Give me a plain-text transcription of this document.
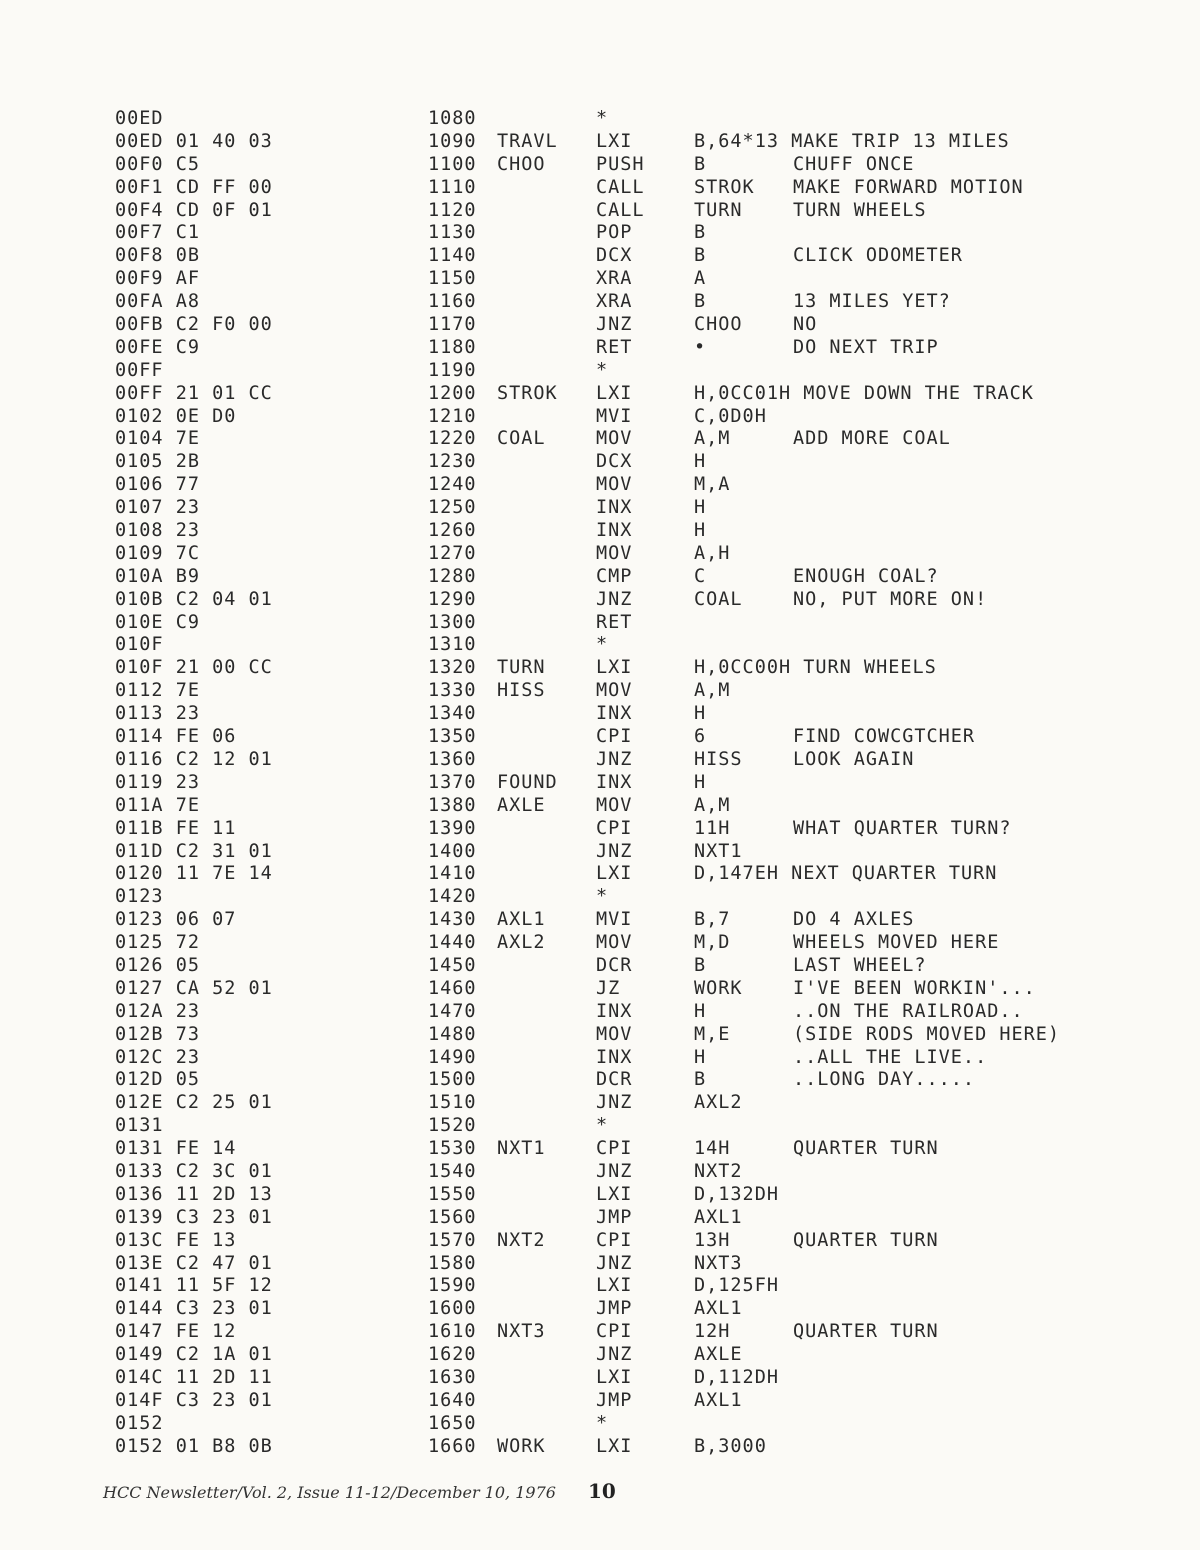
00ED	1080	*
00ED 01 40 03	1090 TRAVL LXI	B,64*13 MAKE TRIP 13 MILES
00F0 C5	1100 CHOO	PUSH	B	CHUFF ONCE
00F1 CD FF 00	1110	CALL	STROK MAKE FORWARD MOTION
00F4 CD 0F 01	1120	CALL	TURN	TURN WHEELS
00F7 C1	1130	POP	B
00F8 0B	1140	DCX	B	CLICK ODOMETER
00F9 AF	1150	XRA	A
00FA A8	1160	XRA	B	13 MILES YET?
00FB C2 F0 00	1170	JNZ	CHOO	NO
00FE C9	1180	RET	•	DO NEXT TRIP
00FF	1190	*
00FF 21 01 CC	1200 STROK LXI	H,0CC01H MOVE DOWN THE TRACK
0102 0E D0	1210	MVI	C,0D0H
0104 7E	1220 COAL	MOV	A,M	ADD MORE COAL
0105 2B	1230	DCX	H
0106 77	1240	MOV	M,A
0107 23	1250	INX	H
0108 23	1260	INX	H
0109 7C	1270	MOV	A,H
010A B9	1280	CMP	C	ENOUGH COAL?
010B C2 04 01	1290	JNZ	COAL	NO, PUT MORE ON!
010E C9	1300	RET
010F	1310	*
010F 21 00 CC	1320 TURN	LXI	H,0CC00H TURN WHEELS
0112 7E	1330 HISS	MOV	A,M
0113 23	1340	INX	H
0114 FE 06	1350	CPI	6	FIND COWCGTCHER
0116 C2 12 01	1360	JNZ	HISS	LOOK AGAIN
0119 23	1370 FOUND INX	H
011A 7E	1380 AXLE	MOV	A,M
011B FE 11	1390	CPI	11H	WHAT QUARTER TURN?
011D C2 31 01	1400	JNZ	NXT1
0120 11 7E 14	1410	LXI	D,147EH NEXT QUARTER TURN
0123	1420	*
0123 06 07	1430 AXL1	MVI	B,7	DO 4 AXLES
0125 72	1440 AXL2	MOV	M,D	WHEELS MOVED HERE
0126 05	1450	DCR	B	LAST WHEEL?
0127 CA 52 01	1460	JZ	WORK	I'VE BEEN WORKIN'...
012A 23	1470	INX	H	..ON THE RAILROAD..
012B 73	1480	MOV	M,E	(SIDE RODS MOVED HERE)
012C 23	1490	INX	H	..ALL THE LIVE..
012D 05	1500	DCR	B	..LONG DAY.....
012E C2 25 01	1510	JNZ	AXL2
0131	1520	*
0131 FE 14	1530 NXT1	CPI	14H	QUARTER TURN
0133 C2 3C 01	1540	JNZ	NXT2
0136 11 2D 13	1550	LXI	D,132DH
0139 C3 23 01	1560	JMP	AXL1
013C FE 13	1570 NXT2	CPI	13H	QUARTER TURN
013E C2 47 01	1580	JNZ	NXT3
0141 11 5F 12	1590	LXI	D,125FH
0144 C3 23 01	1600	JMP	AXL1
0147 FE 12	1610 NXT3	CPI	12H	QUARTER TURN
0149 C2 1A 01	1620	JNZ	AXLE
014C 11 2D 11	1630	LXI	D,112DH
014F C3 23 01	1640	JMP	AXL1
0152	1650	*
0152 01 B8 0B	1660 WORK	LXI	B,3000
HCC Newsletter/Vol. 2, Issue 11-12/December 10, 1976 10
